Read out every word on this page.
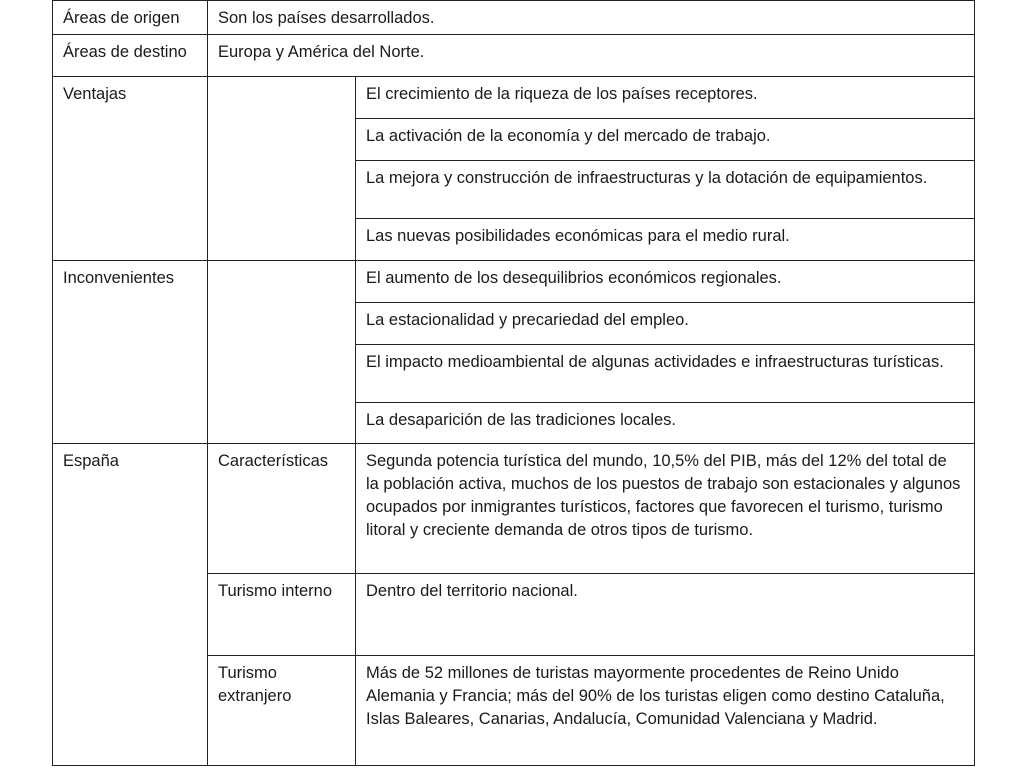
Áreas de origen	Son los países desarrollados.	
Áreas de destino	Europa y América del Norte.	
Ventajas		El crecimiento de la riqueza de los países receptores.
		La activación de la economía y del mercado de trabajo.
		La mejora y construcción de infraestructuras y la dotación de equipamientos.
		Las nuevas posibilidades económicas para el medio rural.
Inconvenientes		El aumento de los desequilibrios económicos regionales.
		La estacionalidad y precariedad del empleo.
		El impacto medioambiental de algunas actividades e infraestructuras turísticas.
		La desaparición de las tradiciones locales.
España	Características	Segunda potencia turística del mundo, 10,5% del PIB, más del 12% del total de la población activa, muchos de los puestos de trabajo son estacionales y algunos ocupados por inmigrantes turísticos, factores que favorecen el turismo, turismo litoral y creciente demanda de otros tipos de turismo.
	Turismo interno	Dentro del territorio nacional.
	Turismo extranjero	Más de 52 millones de turistas mayormente procedentes de Reino Unido Alemania y Francia; más del 90% de los turistas eligen como destino Cataluña, Islas Baleares, Canarias, Andalucía, Comunidad Valenciana y Madrid.
